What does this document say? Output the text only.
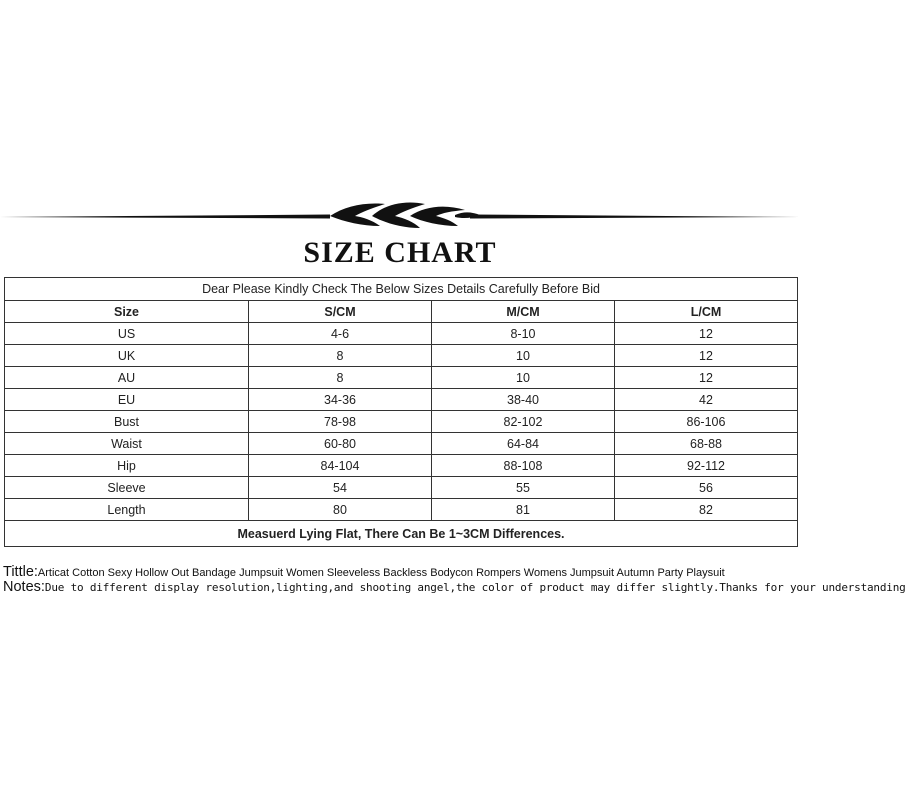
SIZE CHART
Dear Please Kindly Check The Below Sizes Details Carefully Before Bid			
Size	S/CM	M/CM	L/CM
US	4-6	8-10	12
UK	8	10	12
AU	8	10	12
EU	34-36	38-40	42
Bust	78-98	82-102	86-106
Waist	60-80	64-84	68-88
Hip	84-104	88-108	92-112
Sleeve	54	55	56
Length	80	81	82
Measuerd Lying Flat, There Can Be 1~3CM Differences.			
Tittle:Articat Cotton Sexy Hollow Out Bandage Jumpsuit Women Sleeveless Backless Bodycon Rompers Womens Jumpsuit Autumn Party Playsuit
Notes:Due to different display resolution,lighting,and shooting angel,the color of product may differ slightly.Thanks for your understanding
